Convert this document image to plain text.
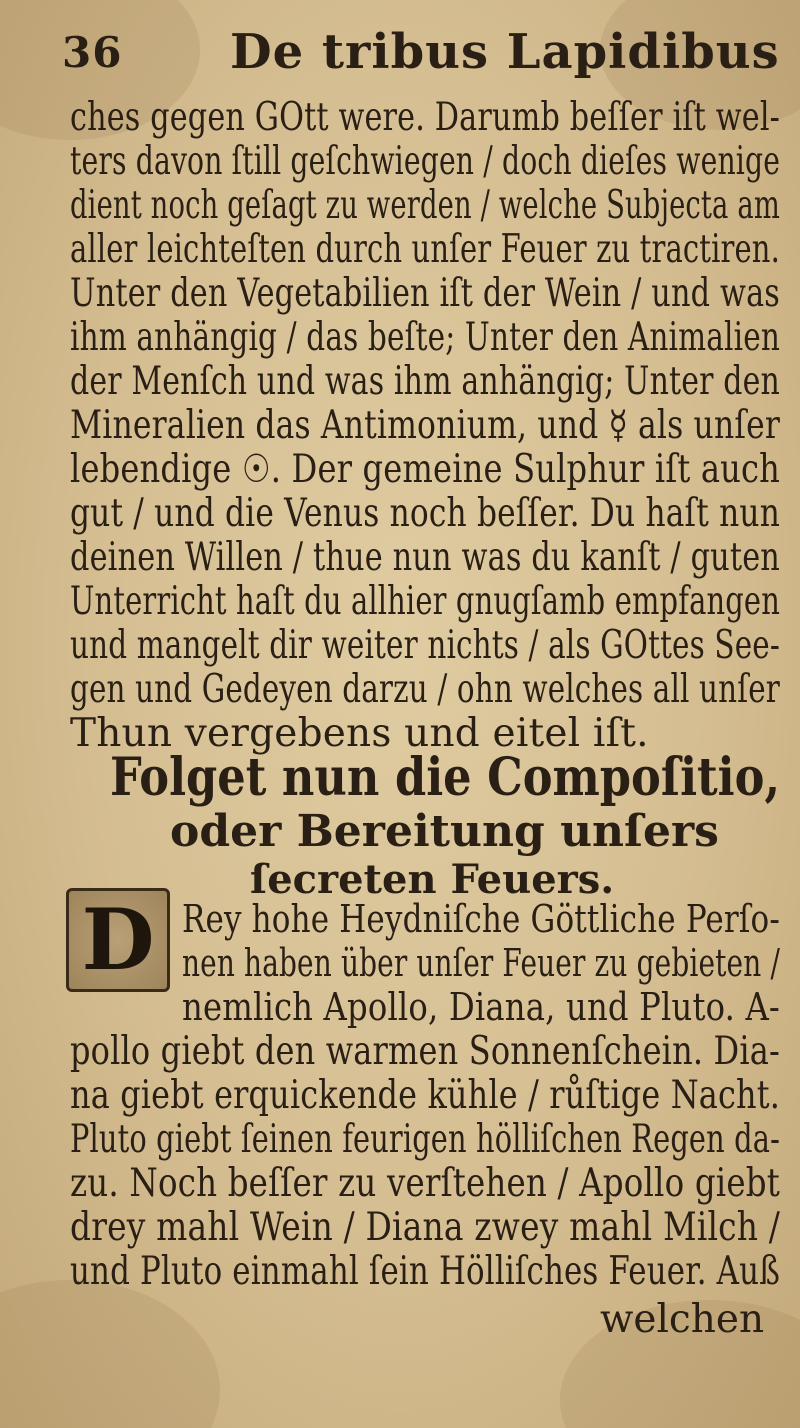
36 De tribus Lapidibus
ches gegen GOtt were. Darumb beſſer iſt wel-
ters davon ſtill geſchwiegen / doch dieſes wenige
dient noch geſagt zu werden / welche Subjecta am
aller leichteſten durch unſer Feuer zu tractiren.
Unter den Vegetabilien iſt der Wein / und was
ihm anhängig / das beſte; Unter den Animalien
der Menſch und was ihm anhängig; Unter den
Mineralien das Antimonium, und ☿ als unſer
lebendige ☉. Der gemeine Sulphur iſt auch
gut / und die Venus noch beſſer. Du haſt nun
deinen Willen / thue nun was du kanſt / guten
Unterricht haſt du allhier gnugſamb empfangen
und mangelt dir weiter nichts / als GOttes See-
gen und Gedeyen darzu / ohn welches all unſer
Thun vergebens und eitel iſt.
Folget nun die Compoſitio,
oder Bereitung unſers
ſecreten Feuers.
D Rey hohe Heydniſche Göttliche Perſo-
nen haben über unſer Feuer zu gebieten /
nemlich Apollo, Diana, und Pluto. A-
pollo giebt den warmen Sonnenſchein. Dia-
na giebt erquickende kühle / růſtige Nacht.
Pluto giebt ſeinen feurigen hölliſchen Regen da-
zu. Noch beſſer zu verſtehen / Apollo giebt
drey mahl Wein / Diana zwey mahl Milch /
und Pluto einmahl ſein Hölliſches Feuer. Auß
welchen
